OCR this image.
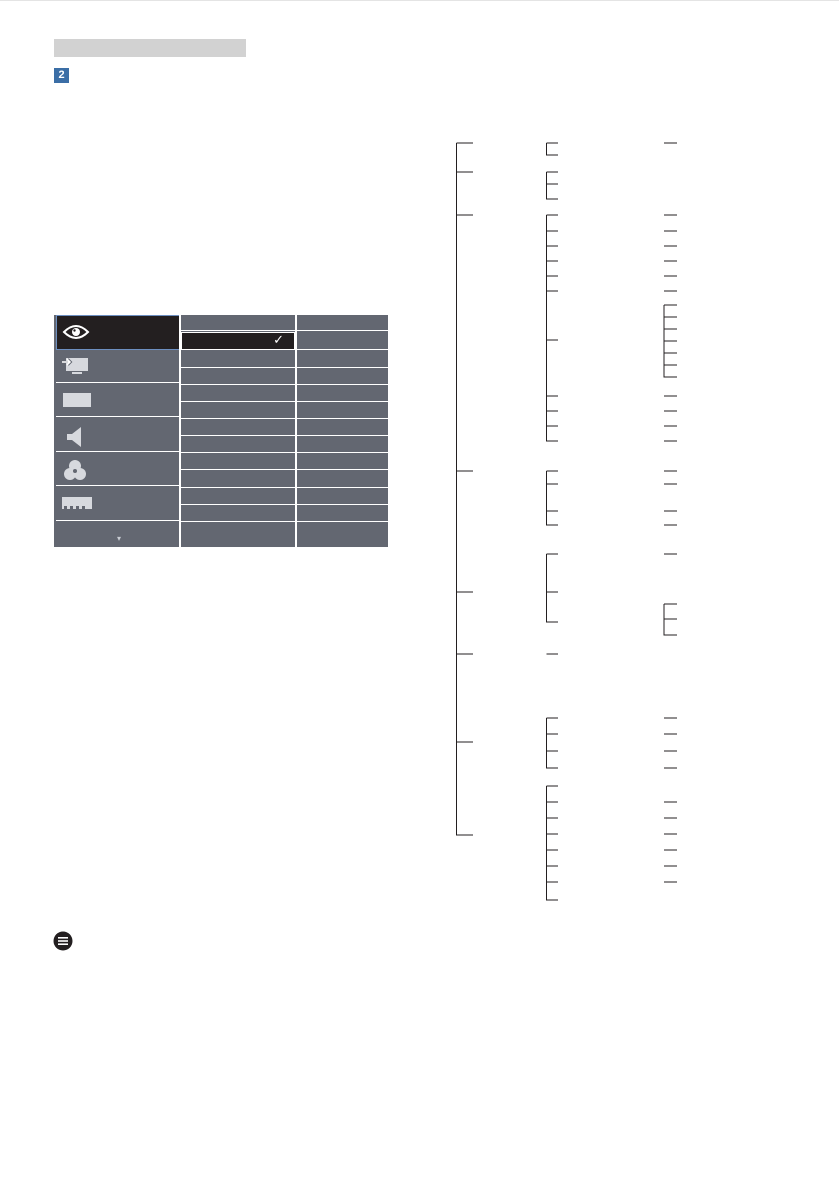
2
▾
✓
